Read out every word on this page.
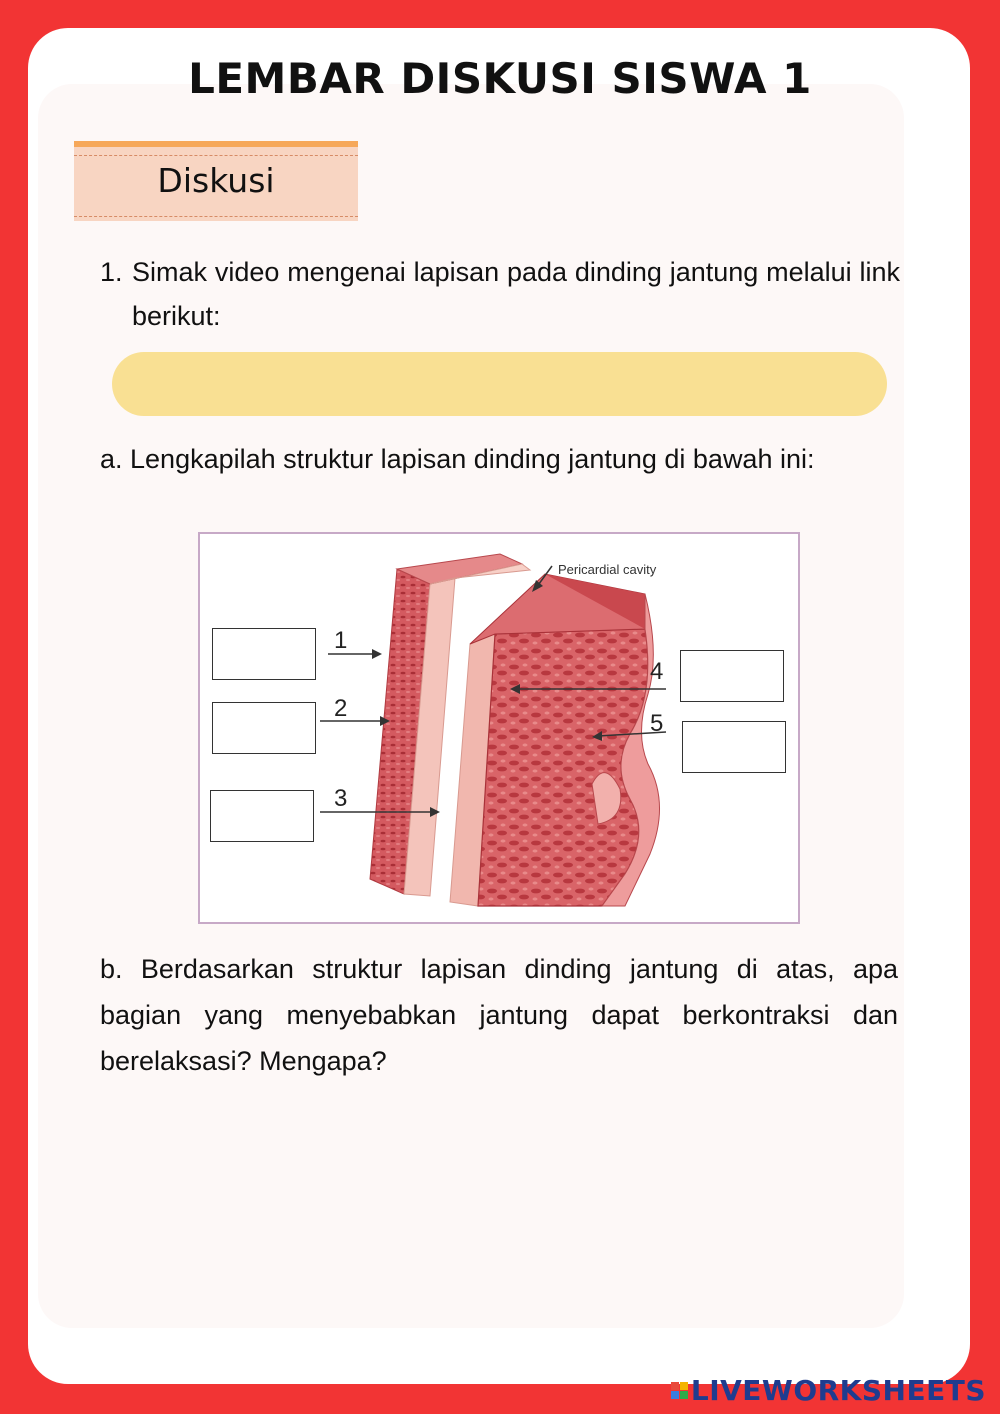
LEMBAR DISKUSI SISWA 1
Diskusi
1. Simak video mengenai lapisan pada dinding jantung melalui link berikut:
a. Lengkapilah struktur lapisan dinding jantung di bawah ini:
Pericardial cavity
1
2
3
4
5
b. Berdasarkan struktur lapisan dinding jantung di atas, apa bagian yang menyebabkan jantung dapat berkontraksi dan berelaksasi? Mengapa?
LIVEWORKSHEETS
